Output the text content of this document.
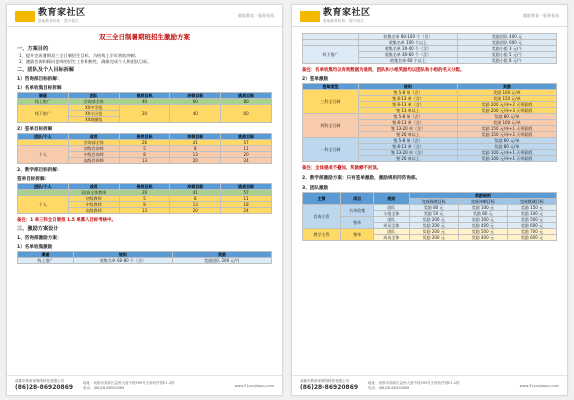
教育家社区
帮助教育机构 · 提升招生
赋能教育 · 服务家园
双三全日制暑期班招生激励方案
一、方案目的
1、提升完成暑期双三全日制招生目标，为机构上半年营收冲刺；
2、激励咨询和顾问老师的招生工作积极性，确保完成个人和团队目标。
二、团队及个人目标拆解
1）咨询部目标拆解：
1）名单收集目标拆解
渠道	团队	保底目标	冲刺目标	挑战目标
线上推广	咨询部全体	40	60	80
线下推广	XX中学组	20	40	60
	XX小区组			
	XX商圈组			
2）签单目标拆解
团队/个人	成员	保底目标	冲刺目标	挑战目标
	咨询部全体	26	41	57
个人	初级咨询师	5	8	11
	中级咨询师	8	13	20
	高级咨询师	13	20	24
2、教学部目标拆解：
签单目标拆解：
团队/个人	成员	保底目标	冲刺目标	挑战目标
	双/高全体教师	26	41	57
个人	初级教师	5	8	11
	中级教师	8	13	18
	高级教师	13	20	24
备注：1 单三科全日制按 1.5 单算入目标考核中。
三、激励方案设计
1、咨询部激励方案：
1）名单收集激励
渠道	规则	奖励
线上推广	收集名单 60-80 个（含）	奖励团队 200 元/月
成都市教育家网络科技有限公司
(86)28-86920869
地址：成都市高新区益州大道中段599号天府软件园E1-2栋
电话：(86)28-86920869	www.51youjiaoyu.com
教育家社区
帮助教育机构 · 提升招生
赋能教育 · 服务家园
	收集名单 80-100 个（含）	奖励团队 400 元
	收集名单 100 个以上	奖励团队 600 元
线下推广	收集名单 20-40 个（含）	奖励小组 3 元/个
	收集名单 40-60 个（含）	奖励小组 5 元/个
	收集名单 60 个以上	奖励小组 8 元/个
备注：名单收集均以有效数据为准则，团队和小组奖励均以团队和小组的名义分配。
2）签单激励
签单类型	规则	奖励
三科全日制	签 5-8 单（含）	奖励 100 元/单
	签 8-13 单（含）	奖励 150 元/单
	签 8-13 单（含）	奖励 200 元/单+2 天带薪假
	签 13 单以上	奖励 200 元/单+3 天带薪假
两科全日制	签 5-8 单（含）	奖励 80 元/单
	签 8-13 单（含）	奖励 100 元/单
	签 13-20 单（含）	奖励 150 元/单+1 天带薪假
	签 20 单以上	奖励 150 元/单+2 天带薪假
一科全日制	签 5-8 单（含）	奖励 60 元/单
	签 8-13 单（含）	奖励 80 元/单
	签 13-20 单（含）	奖励 100 元/单+1 天带薪假
	签 20 单以上	奖励 100 元/单+1 天带薪假
备注：全体提成不叠加，奖励额不封顶。
2、教学部激励方案：只有签单激励，激励规则同咨询部。
3、团队激励
主管	项目	规则	奖励规则		
			完成保底目标	完成冲刺目标	完成挑战目标
咨询主管	名单收集	团队	奖励 80 元	奖励 100 元	奖励 150 元
		小组全体	奖励 50 元	奖励 80 元	奖励 100 元
	签单	团队	奖励 200 元	奖励 300 元	奖励 500 元
		成员全体	奖励 200 元	奖励 400 元	奖励 600 元
教学主管	签单	团队	奖励 200 元	奖励 500 元	奖励 700 元
		成员全体	奖励 200 元	奖励 400 元	奖励 600 元
成都市教育家网络科技有限公司
(86)28-86920869
地址：成都市高新区益州大道中段599号天府软件园E1-2栋
电话：(86)28-86920869	www.51youjiaoyu.com
